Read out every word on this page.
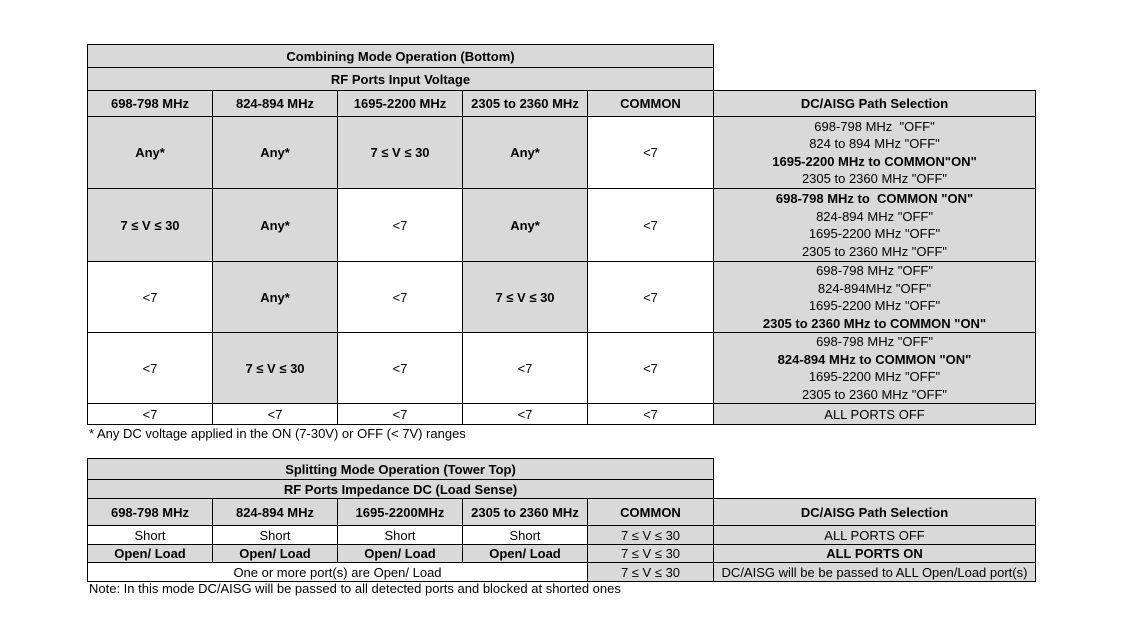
Combining Mode Operation (Bottom)					
RF Ports Input Voltage					
698-798 MHz	824-894 MHz	1695-2200 MHz	2305 to 2360 MHz	COMMON	DC/AISG Path Selection
Any*	Any*	7 ≤ V ≤ 30	Any*	<7	698-798 MHz  "OFF"
824 to 894 MHz "OFF"
1695-2200 MHz to COMMON"ON"
2305 to 2360 MHz "OFF"

7 ≤ V ≤ 30	Any*	<7	Any*	<7	698-798 MHz to  COMMON "ON"
824-894 MHz "OFF"
1695-2200 MHz "OFF"
2305 to 2360 MHz "OFF"

<7	Any*	<7	7 ≤ V ≤ 30	<7	698-798 MHz "OFF"
824-894MHz "OFF"
1695-2200 MHz "OFF"
2305 to 2360 MHz to COMMON "ON"

<7	7 ≤ V ≤ 30	<7	<7	<7	698-798 MHz "OFF"
824-894 MHz to COMMON "ON"
1695-2200 MHz "OFF"
2305 to 2360 MHz "OFF"

<7	<7	<7	<7	<7	ALL PORTS OFF
* Any DC voltage applied in the ON (7-30V) or OFF (< 7V) ranges
Splitting Mode Operation (Tower Top)					
RF Ports Impedance DC (Load Sense)					
698-798 MHz	824-894 MHz	1695-2200MHz	2305 to 2360 MHz	COMMON	DC/AISG Path Selection
Short	Short	Short	Short	7 ≤ V ≤ 30	ALL PORTS OFF
Open/ Load	Open/ Load	Open/ Load	Open/ Load	7 ≤ V ≤ 30	ALL PORTS ON
One or more port(s) are Open/ Load				7 ≤ V ≤ 30	DC/AISG will be be passed to ALL Open/Load port(s)
Note: In this mode DC/AISG will be passed to all detected ports and blocked at shorted ones
